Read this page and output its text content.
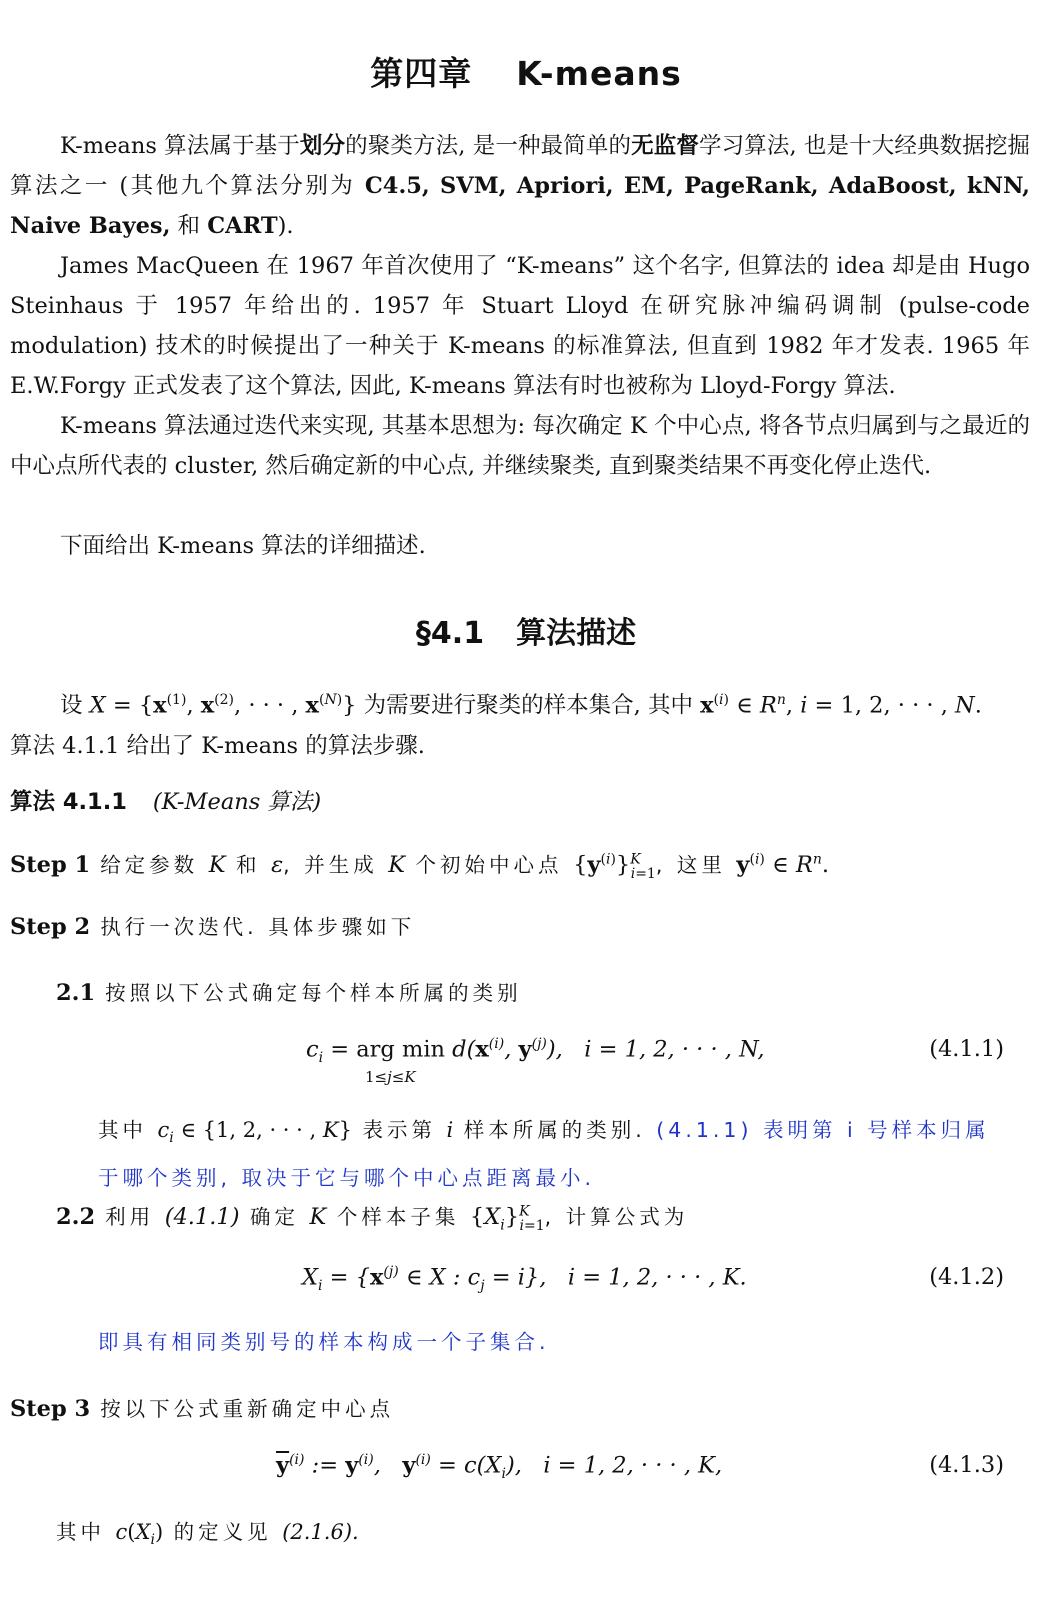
第四章 K-means
K-means 算法属于基于划分的聚类方法, 是一种最简单的无监督学习算法, 也是十大经典数据挖掘算法之一 (其他九个算法分别为 C4.5, SVM, Apriori, EM, PageRank, AdaBoost, kNN, Naive Bayes, 和 CART).
James MacQueen 在 1967 年首次使用了 “K-means” 这个名字, 但算法的 idea 却是由 Hugo Steinhaus 于 1957 年给出的. 1957 年 Stuart Lloyd 在研究脉冲编码调制 (pulse-code modulation) 技术的时候提出了一种关于 K-means 的标准算法, 但直到 1982 年才发表. 1965 年 E.W.Forgy 正式发表了这个算法, 因此, K-means 算法有时也被称为 Lloyd-Forgy 算法.
K-means 算法通过迭代来实现, 其基本思想为: 每次确定 K 个中心点, 将各节点归属到与之最近的中心点所代表的 cluster, 然后确定新的中心点, 并继续聚类, 直到聚类结果不再变化停止迭代.
下面给出 K-means 算法的详细描述.
§4.1 算法描述
设 $X = \{x^{(1)}$, $x^{(2)}$, · · · , $x^{(N)}$} 为需要进行聚类的样本集合, 其中 $x^{(i)}$ ∈ $R^n$, i = 1, 2, · · · , N.
算法 4.1.1 给出了 K-means 的算法步骤.
算法 4.1.1 (K-Means 算法)
Step 1 给定参数 K 和 ε, 并生成 K 个初始中心点 $\{y^{(i)}\}^K_{i=1}$, 这里 $y^{(i)}$ ∈ $R^n$.
Step 2 执行一次迭代. 具体步骤如下
2.1 按照以下公式确定每个样本所属的类别
$c_i$ = arg $\min d(x^{(i)}$, $y^{(j)}$),   i = 1, 2, · · · , N,
1≤j≤K
(4.1.1)
其中 $c_i$ ∈ {1, 2, · · · , K} 表示第 i 样本所属的类别. (4.1.1) 表明第 i 号样本归属于哪个类别, 取决于它与哪个中心点距离最小.
2.2 利用 (4.1.1) 确定 K 个样本子集 $\{X_i\}^K_{i=1}$, 计算公式为
$X_i = \{x^{(j)}$ ∈ X : $c_j = i$},   i = 1, 2, · · · , K.	(4.1.2)
即具有相同类别号的样本构成一个子集合.
Step 3 按以下公式重新确定中心点
$\overline{y}^{(i)}$ := $y^{(i)}$,   $y^{(i)} = c(X_i)$,   i = 1, 2, · · · , K,	(4.1.3)
其中 $c(X_i)$ 的定义见 (2.1.6).
